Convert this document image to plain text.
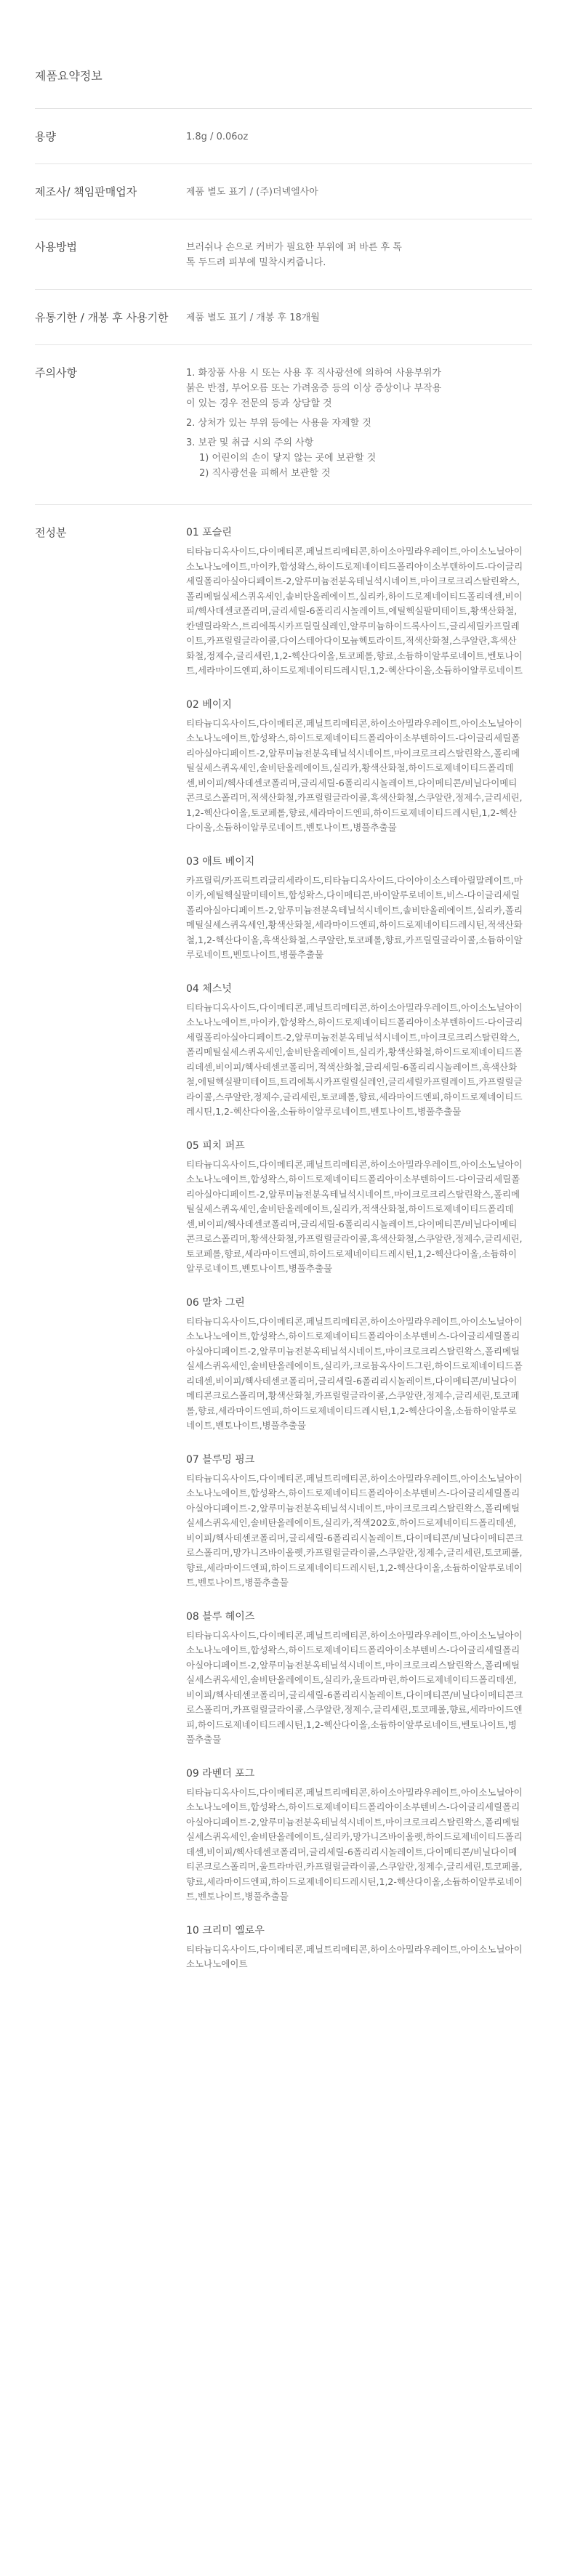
제품요약정보
용량	1.8g / 0.06oz
제조사/ 책임판매업자	제품 별도 표기 / (주)더넥엘사아
사용방법	브러쉬나 손으로 커버가 필요한 부위에 퍼 바른 후 톡톡 두드려 피부에 밀착시켜줍니다.
유통기한 / 개봉 후 사용기한	제품 별도 표기 / 개봉 후 18개월
주의사항	1. 화장품 사용 시 또는 사용 후 직사광선에 의하여 사용부위가 붉은 반점, 부어오름 또는 가려움증 등의 이상 증상이나 부작용이 있는 경우 전문의 등과 상담할 것
2. 상처가 있는 부위 등에는 사용을 자제할 것
3. 보관 및 취급 시의 주의 사항
1) 어린이의 손이 닿지 않는 곳에 보관할 것
2) 직사광선을 피해서 보관할 것
전성분	01 포슬린
티타늄디옥사이드,다이메티콘,페닐트리메티콘,하이소아밀라우레이트,아이소노닐아이소노나노에이트,마이카,합성왁스,하이드로제네이티드폴리아이소부텐하이드-다이글리세릴폴리아실아디페이트-2,알루미늄전분옥테닐석시네이트,마이크로크리스탈린왁스,폴리메틸실세스퀴옥세인,솔비탄올레에이트,실리카,하이드로제네이티드폴리데센,비이피/헥사데센코폴리머,글리세릴-6폴리리시놀레이트,에틸헥실팔미테이트,황색산화철,칸델릴라왁스,트리에톡시카프릴릴실레인,알루미늄하이드록사이드,글리세릴카프릴레이트,카프릴릴글라이콜,다이스테아다이모늄헥토라이트,적색산화철,스쿠알란,흑색산화철,정제수,글리세린,1,2-헥산다이올,토코페롤,향료,소듐하이알루로네이트,벤토나이트,세라마이드엔피,하이드로제네이티드레시틴,1,2-헥산다이올,소듐하이알루로네이트
02 베이지
티타늄디옥사이드,다이메티콘,페닐트리메티콘,하이소아밀라우레이트,아이소노닐아이소노나노에이트,합성왁스,하이드로제네이티드폴리아이소부텐하이드-다이글리세릴폴리아실아디페이트-2,알루미늄전분옥테닐석시네이트,마이크로크리스탈린왁스,폴리메틸실세스퀴옥세인,솔비탄올레에이트,실리카,황색산화철,하이드로제네이티드폴리데센,비이피/헥사데센코폴리머,글리세릴-6폴리리시놀레이트,다이메티콘/비닐다이메티콘크로스폴리머,적색산화철,카프릴릴글라이콜,흑색산화철,스쿠알란,정제수,글리세린,1,2-헥산다이올,토코페롤,향료,세라마이드엔피,하이드로제네이티드레시틴,1,2-헥산다이올,소듐하이알루로네이트,벤토나이트,병풀추출물
03 애트 베이지
카프릴릭/카프릭트리글리세라이드,티타늄디옥사이드,다이아이소스테아릴말레이트,마이카,에틸헥실팔미테이트,합성왁스,다이메티콘,바이알루로네이트,비스-다이글리세릴폴리아실아디페이트-2,알루미늄전분옥테닐석시네이트,솔비탄올레에이트,실리카,폴리메틸실세스퀴옥세인,황색산화철,세라마이드엔피,하이드로제네이티드레시틴,적색산화철,1,2-헥산다이올,흑색산화철,스쿠알란,토코페롤,향료,카프릴릴글라이콜,소듐하이알루로네이트,벤토나이트,병풀추출물
04 체스넛
티타늄디옥사이드,다이메티콘,페닐트리메티콘,하이소아밀라우레이트,아이소노닐아이소노나노에이트,마이카,합성왁스,하이드로제네이티드폴리아이소부텐하이드-다이글리세릴폴리아실아디페이트-2,알루미늄전분옥테닐석시네이트,마이크로크리스탈린왁스,폴리메틸실세스퀴옥세인,솔비탄올레에이트,실리카,황색산화철,하이드로제네이티드폴리데센,비이피/헥사데센코폴리머,적색산화철,글리세릴-6폴리리시놀레이트,흑색산화철,에틸헥실팔미테이트,트리에톡시카프릴릴실레인,글리세릴카프릴레이트,카프릴릴글라이콜,스쿠알란,정제수,글리세린,토코페롤,향료,세라마이드엔피,하이드로제네이티드레시틴,1,2-헥산다이올,소듐하이알루로네이트,벤토나이트,병풀추출물
05 피치 퍼프
티타늄디옥사이드,다이메티콘,페닐트리메티콘,하이소아밀라우레이트,아이소노닐아이소노나노에이트,합성왁스,하이드로제네이티드폴리아이소부텐하이드-다이글리세릴폴리아실아디페이트-2,알루미늄전분옥테닐석시네이트,마이크로크리스탈린왁스,폴리메틸실세스퀴옥세인,솔비탄올레에이트,실리카,적색산화철,하이드로제네이티드폴리데센,비이피/헥사데센코폴리머,글리세릴-6폴리리시놀레이트,다이메티콘/비닐다이메티콘크로스폴리머,황색산화철,카프릴릴글라이콜,흑색산화철,스쿠알란,정제수,글리세린,토코페롤,향료,세라마이드엔피,하이드로제네이티드레시틴,1,2-헥산다이올,소듐하이알루로네이트,벤토나이트,병풀추출물
06 말차 그린
티타늄디옥사이드,다이메티콘,페닐트리메티콘,하이소아밀라우레이트,아이소노닐아이소노나노에이트,합성왁스,하이드로제네이티드폴리아이소부텐비스-다이글리세릴폴리아실아디페이트-2,알루미늄전분옥테닐석시네이트,마이크로크리스탈린왁스,폴리메틸실세스퀴옥세인,솔비탄올레에이트,실리카,크로뮴옥사이드그린,하이드로제네이티드폴리데센,비이피/헥사데센코폴리머,글리세릴-6폴리리시놀레이트,다이메티콘/비닐다이메티콘크로스폴리머,황색산화철,카프릴릴글라이콜,스쿠알란,정제수,글리세린,토코페롤,향료,세라마이드엔피,하이드로제네이티드레시틴,1,2-헥산다이올,소듐하이알루로네이트,벤토나이트,병풀추출물
07 블루밍 핑크
티타늄디옥사이드,다이메티콘,페닐트리메티콘,하이소아밀라우레이트,아이소노닐아이소노나노에이트,합성왁스,하이드로제네이티드폴리아이소부텐비스-다이글리세릴폴리아실아디페이트-2,알루미늄전분옥테닐석시네이트,마이크로크리스탈린왁스,폴리메틸실세스퀴옥세인,솔비탄올레에이트,실리카,적색202호,하이드로제네이티드폴리데센,비이피/헥사데센코폴리머,글리세릴-6폴리리시놀레이트,다이메티콘/비닐다이메티콘크로스폴리머,망가니즈바이올렛,카프릴릴글라이콜,스쿠알란,정제수,글리세린,토코페롤,향료,세라마이드엔피,하이드로제네이티드레시틴,1,2-헥산다이올,소듐하이알루로네이트,벤토나이트,병풀추출물
08 블루 헤이즈
티타늄디옥사이드,다이메티콘,페닐트리메티콘,하이소아밀라우레이트,아이소노닐아이소노나노에이트,합성왁스,하이드로제네이티드폴리아이소부텐비스-다이글리세릴폴리아실아디페이트-2,알루미늄전분옥테닐석시네이트,마이크로크리스탈린왁스,폴리메틸실세스퀴옥세인,솔비탄올레에이트,실리카,울트라마린,하이드로제네이티드폴리데센,비이피/헥사데센코폴리머,글리세릴-6폴리리시놀레이트,다이메티콘/비닐다이메티콘크로스폴리머,카프릴릴글라이콜,스쿠알란,정제수,글리세린,토코페롤,향료,세라마이드엔피,하이드로제네이티드레시틴,1,2-헥산다이올,소듐하이알루로네이트,벤토나이트,병풀추출물
09 라벤더 포그
티타늄디옥사이드,다이메티콘,페닐트리메티콘,하이소아밀라우레이트,아이소노닐아이소노나노에이트,합성왁스,하이드로제네이티드폴리아이소부텐비스-다이글리세릴폴리아실아디페이트-2,알루미늄전분옥테닐석시네이트,마이크로크리스탈린왁스,폴리메틸실세스퀴옥세인,솔비탄올레에이트,실리카,망가니즈바이올렛,하이드로제네이티드폴리데센,비이피/헥사데센코폴리머,글리세릴-6폴리리시놀레이트,다이메티콘/비닐다이메티콘크로스폴리머,울트라마린,카프릴릴글라이콜,스쿠알란,정제수,글리세린,토코페롤,향료,세라마이드엔피,하이드로제네이티드레시틴,1,2-헥산다이올,소듐하이알루로네이트,벤토나이트,병풀추출물
10 크리미 옐로우
티타늄디옥사이드,다이메티콘,페닐트리메티콘,하이소아밀라우레이트,아이소노닐아이소노나노에이트
